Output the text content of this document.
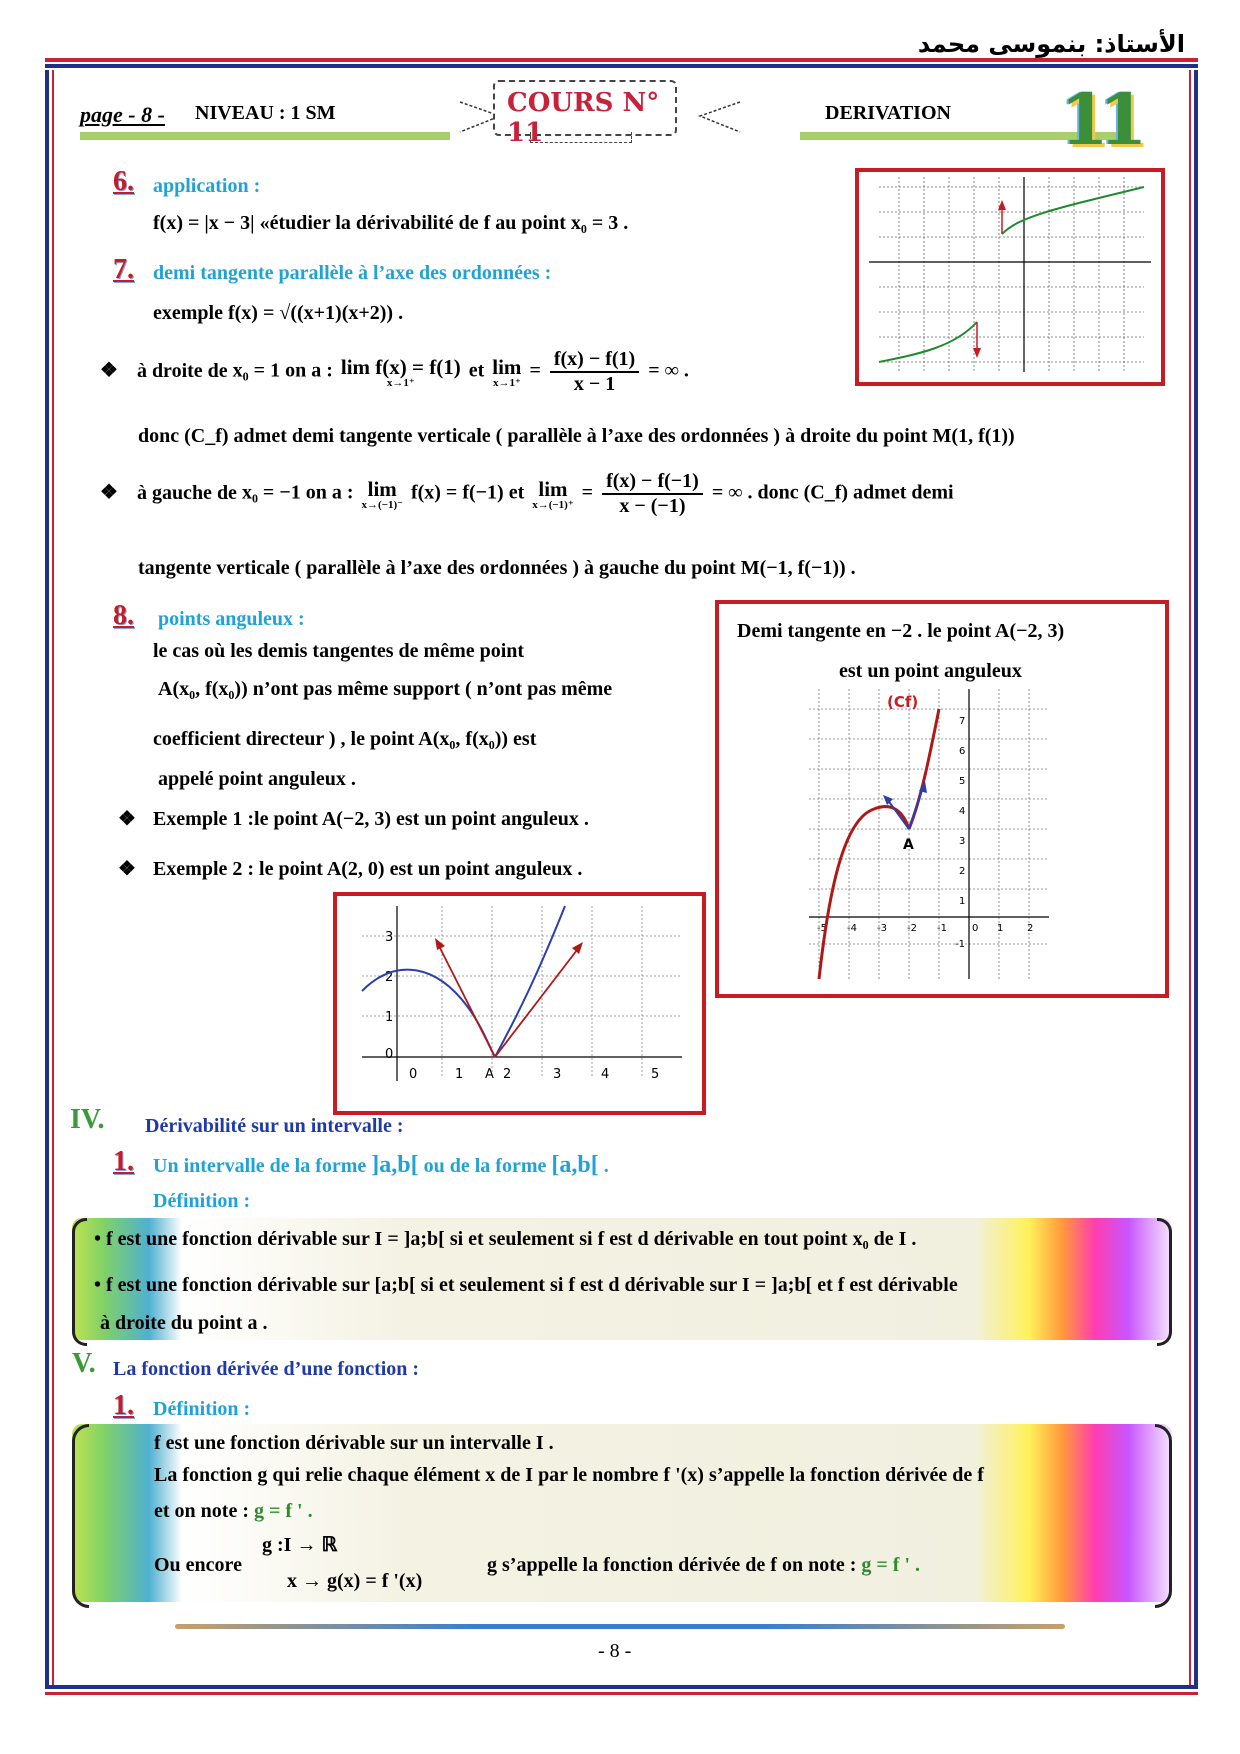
الأستاذ: بنموسى محمد
page - 8 - NIVEAU : 1 SM	COURS N° 11
DERIVATION 11
6. application :
f(x) = |x − 3| «étudier la dérivabilité de f au point x₀ = 3 .
7. demi tangente parallèle à l’axe des ordonnées :
exemple f(x) = √((x+1)(x+2)) .
❖ à droite de x₀ = 1 on a : lim f(x) = f(1)
x→1⁺
et lim
x→1⁺
= $\frac{f(x) - f(1)}{x - 1}$ = ∞ .
donc (C_f) admet demi tangente verticale ( parallèle à l’axe des ordonnées ) à droite du point M(1, f(1))
❖ à gauche de x₀ = −1 on a : lim
x→(−1)⁻
f(x) = f(−1) et lim
x→(−1)⁺
= $\frac{f(x) - f(-1)}{x - (-1)}$ = ∞ . donc (C_f) admet demi
tangente verticale ( parallèle à l’axe des ordonnées ) à gauche du point M(−1, f(−1)) .
8. points anguleux :
le cas où les demis tangentes de même point
A(x₀, f(x₀)) n’ont pas même support ( n’ont pas même
coefficient directeur ) , le point A(x₀, f(x₀)) est
appelé point anguleux .
❖ Exemple 1 :le point A(−2, 3) est un point anguleux .
❖ Exemple 2 : le point A(2, 0) est un point anguleux .
Demi tangente en −2 . le point A(−2, 3)
est un point anguleux
-5 -4 -3 -2 -1	0 1 2
7
6
5
4
3
2
1
-1
A
(Cf)
0	1 A 2	3	4	5
3
2
1
0
IV. Dérivabilité sur un intervalle :
1. Un intervalle de la forme ]a,b[ ou de la forme [a,b[ .
Définition :
• f est une fonction dérivable sur I = ]a;b[ si et seulement si f est d dérivable en tout point x₀ de I .
• f est une fonction dérivable sur [a;b[ si et seulement si f est d dérivable sur I = ]a;b[ et f est dérivable
à droite du point a .
V. La fonction dérivée d’une fonction :
1. Définition :
f est une fonction dérivable sur un intervalle I .
La fonction g qui relie chaque élément x de I par le nombre f '(x) s’appelle la fonction dérivée de f
et on note : g = f ' .
Ou encore
g :I → ℝ
x → g(x) = f '(x)
g s’appelle la fonction dérivée de f on note : g = f ' .
- 8 -
